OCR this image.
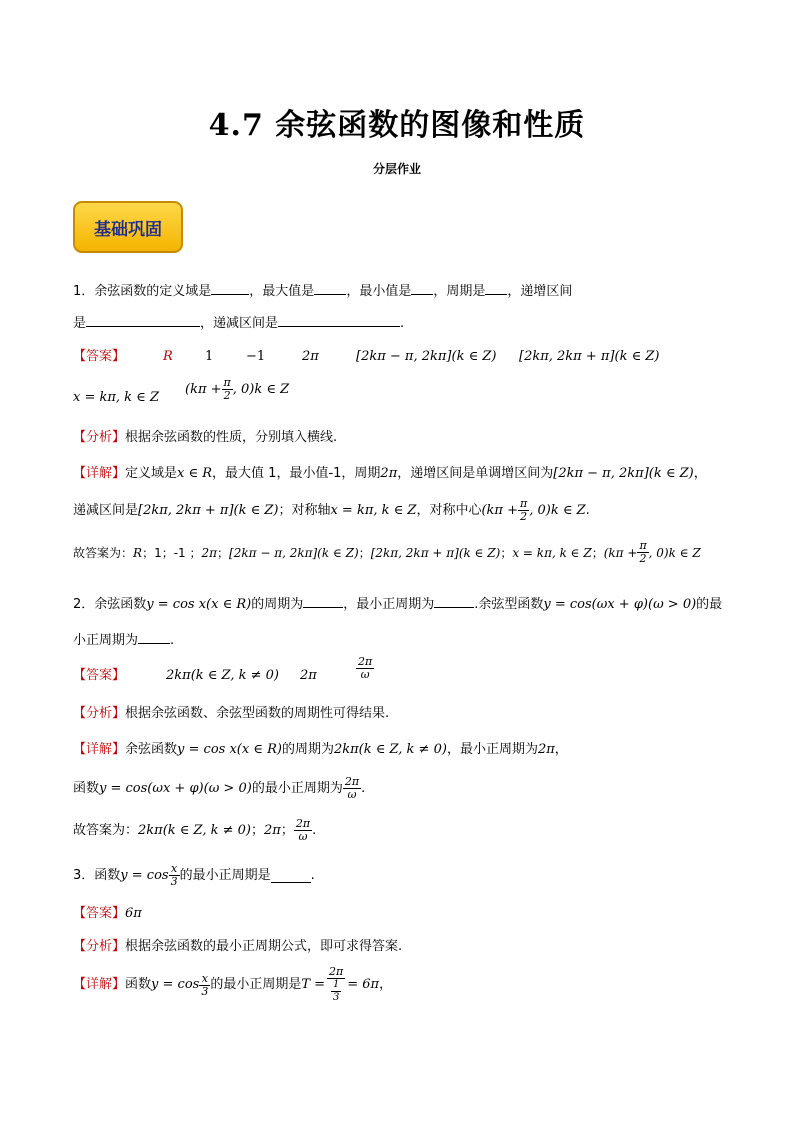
4.7 余弦函数的图像和性质
分层作业
基础巩固
1．余弦函数的定义域是	，最大值是 ，最小值是 ，周期是 ，递增区间
是	，递减区间是	.
【答案】	R 1	−1	2π	[2kπ − π, 2kπ](k ∈ Z) [2kπ, 2kπ + π](k ∈ Z)
x = kπ, k ∈ Z
($k\pi + \frac{\pi}{2}$ , 0)k ∈ Z
【分析】根据余弦函数的性质，分别填入横线.
【详解】定义域是x ∈ R，最大值 1，最小值-1，周期2π，递增区间是单调增区间为[2kπ − π, 2kπ](k ∈ Z)，
递减区间是 [2kπ, 2kπ + π](k ∈ Z) ；对称轴 x = kπ, k ∈ Z ，对称中心 ($k\pi + \frac{\pi}{2}$ , 0)k ∈ Z .
故答案为： R ；1；-1 ； 2π ； [2kπ − π, 2kπ](k ∈ Z) ； [2kπ, 2kπ + π](k ∈ Z) ； x = kπ, k ∈ Z ； ($k\pi + \frac{\pi}{2}$ , 0)k ∈ Z
2．余弦函数y = cos x(x ∈ R)的周期为	，最小正周期为	.余弦型函数y = cos(ωx + φ)(ω > 0)的最
小正周期为 .
【答案】	2kπ(k ∈ Z, k ≠ 0) 2π	$\frac{2\pi}{\omega}$
【分析】根据余弦函数、余弦型函数的周期性可得结果.
【详解】余弦函数y = cos x(x ∈ R)的周期为2kπ(k ∈ Z, k ≠ 0)，最小正周期为2π，
函数 y = cos(ωx + φ)(ω > 0) 的最小正周期为 $\frac{2\pi}{\omega}$ .
故答案为： 2kπ(k ∈ Z, k ≠ 0) ； 2π ； $\frac{2\pi}{\omega}$ .
3． 函数 $y = \cos \frac{x}{3}$ 的最小正周期是	.
【答案】6π
【分析】根据余弦函数的最小正周期公式，即可求得答案.
【详解】 函数 $y = \cos \frac{x}{3}$ 的最小正周期是 $T = \frac{2\pi}{\frac{1}{3}} = 6\pi$ ，
